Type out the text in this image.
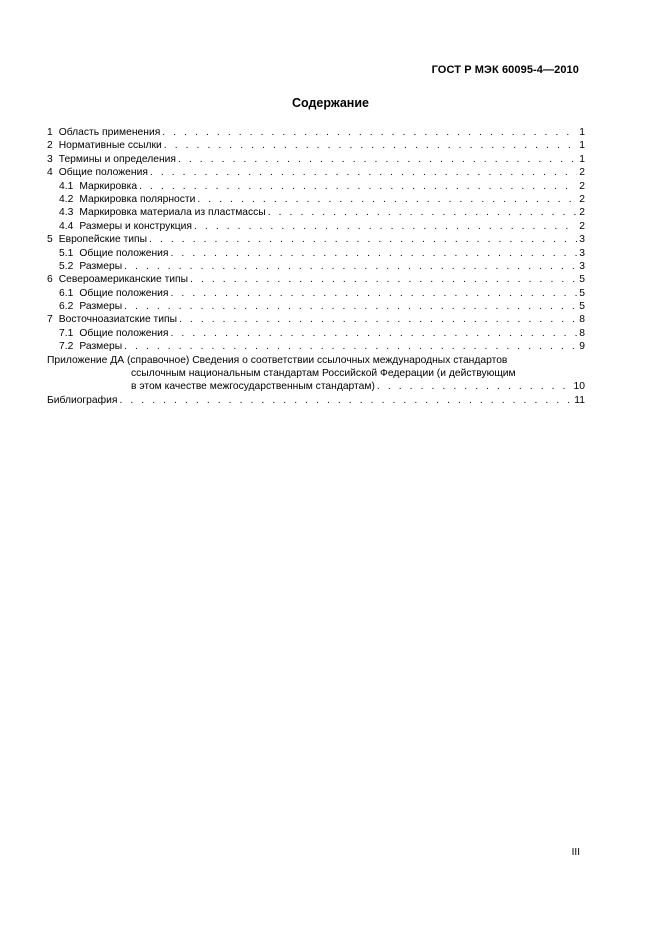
ГОСТ Р МЭК 60095-4—2010
Содержание
1 Область применения . . .	1
2 Нормативные ссылки . . .	1
3 Термины и определения . . .	1
4 Общие положения . . .	2
4.1 Маркировка . . .	2
4.2 Маркировка полярности . . .	2
4.3 Маркировка материала из пластмассы . . .	2
4.4 Размеры и конструкция . . .	2
5 Европейские типы . . .	3
5.1 Общие положения . . .	3
5.2 Размеры . . .	3
6 Североамериканские типы . . .	5
6.1 Общие положения . . .	5
6.2 Размеры . . .	5
7 Восточноазиатские типы . . .	8
7.1 Общие положения . . .	8
7.2 Размеры . . .	9
Приложение ДА (справочное) Сведения о соответствии ссылочных международных стандартов
ссылочным национальным стандартам Российской Федерации (и действующим
в этом качестве межгосударственным стандартам) . . .	10
Библиография . . .	11
III
